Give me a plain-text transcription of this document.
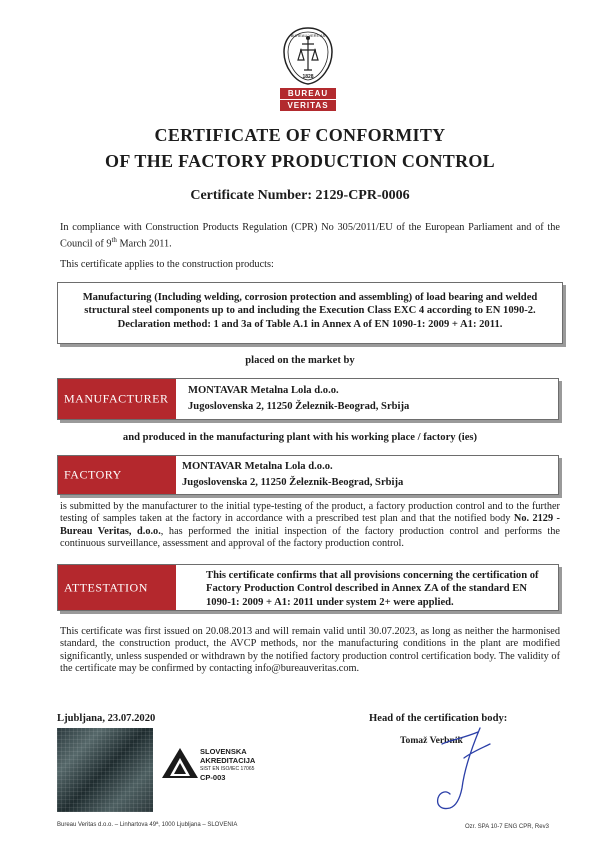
BUREAU VERITAS
1828
BUREAU
VERITAS
CERTIFICATE OF CONFORMITY
OF THE FACTORY PRODUCTION CONTROL
Certificate Number: 2129-CPR-0006
In compliance with Construction Products Regulation (CPR) No 305/2011/EU of the European Parliament and of the Council of 9th March 2011.
This certificate applies to the construction products:
Manufacturing (Including welding, corrosion protection and assembling) of load bearing and welded
structural steel components up to and including the Execution Class EXC 4 according to EN 1090-2.
Declaration method: 1 and 3a of Table A.1 in Annex A of EN 1090-1: 2009 + A1: 2011.
placed on the market by
MANUFACTURER
MONTAVAR Metalna Lola d.o.o.
Jugoslovenska 2, 11250 Železnik-Beograd, Srbija
and produced in the manufacturing plant with his working place / factory (ies)
FACTORY
MONTAVAR Metalna Lola d.o.o.
Jugoslovenska 2, 11250 Železnik-Beograd, Srbija
is submitted by the manufacturer to the initial type-testing of the product, a factory production control and to the further testing of samples taken at the factory in accordance with a prescribed test plan and that the notified body No. 2129 - Bureau Veritas, d.o.o., has performed the initial inspection of the factory production control and performs the continuous surveillance, assessment and approval of the factory production control.
ATTESTATION
This certificate confirms that all provisions concerning the certification of
Factory Production Control described in Annex ZA of the standard EN
1090-1: 2009 + A1: 2011 under system 2+ were applied.
This certificate was first issued on 20.08.2013 and will remain valid until 30.07.2023, as long as neither the harmonised standard, the construction product, the AVCP methods, nor the manufacturing conditions in the plant are modified significantly, unless suspended or withdrawn by the notified factory production control certification body. The validity of the certificate may be confirmed by contacting info@bureauveritas.com.
Ljubljana, 23.07.2020
SLOVENSKA
AKREDITACIJA
SIST EN ISO/IEC 17065
CP-003
Head of the certification body:
Tomaž Verbnik
Bureau Veritas d.o.o. – Linhartova 49ª, 1000 Ljubljana – SLOVENIA	Ozr. SPA 10-7 ENG CPR, Rev3
